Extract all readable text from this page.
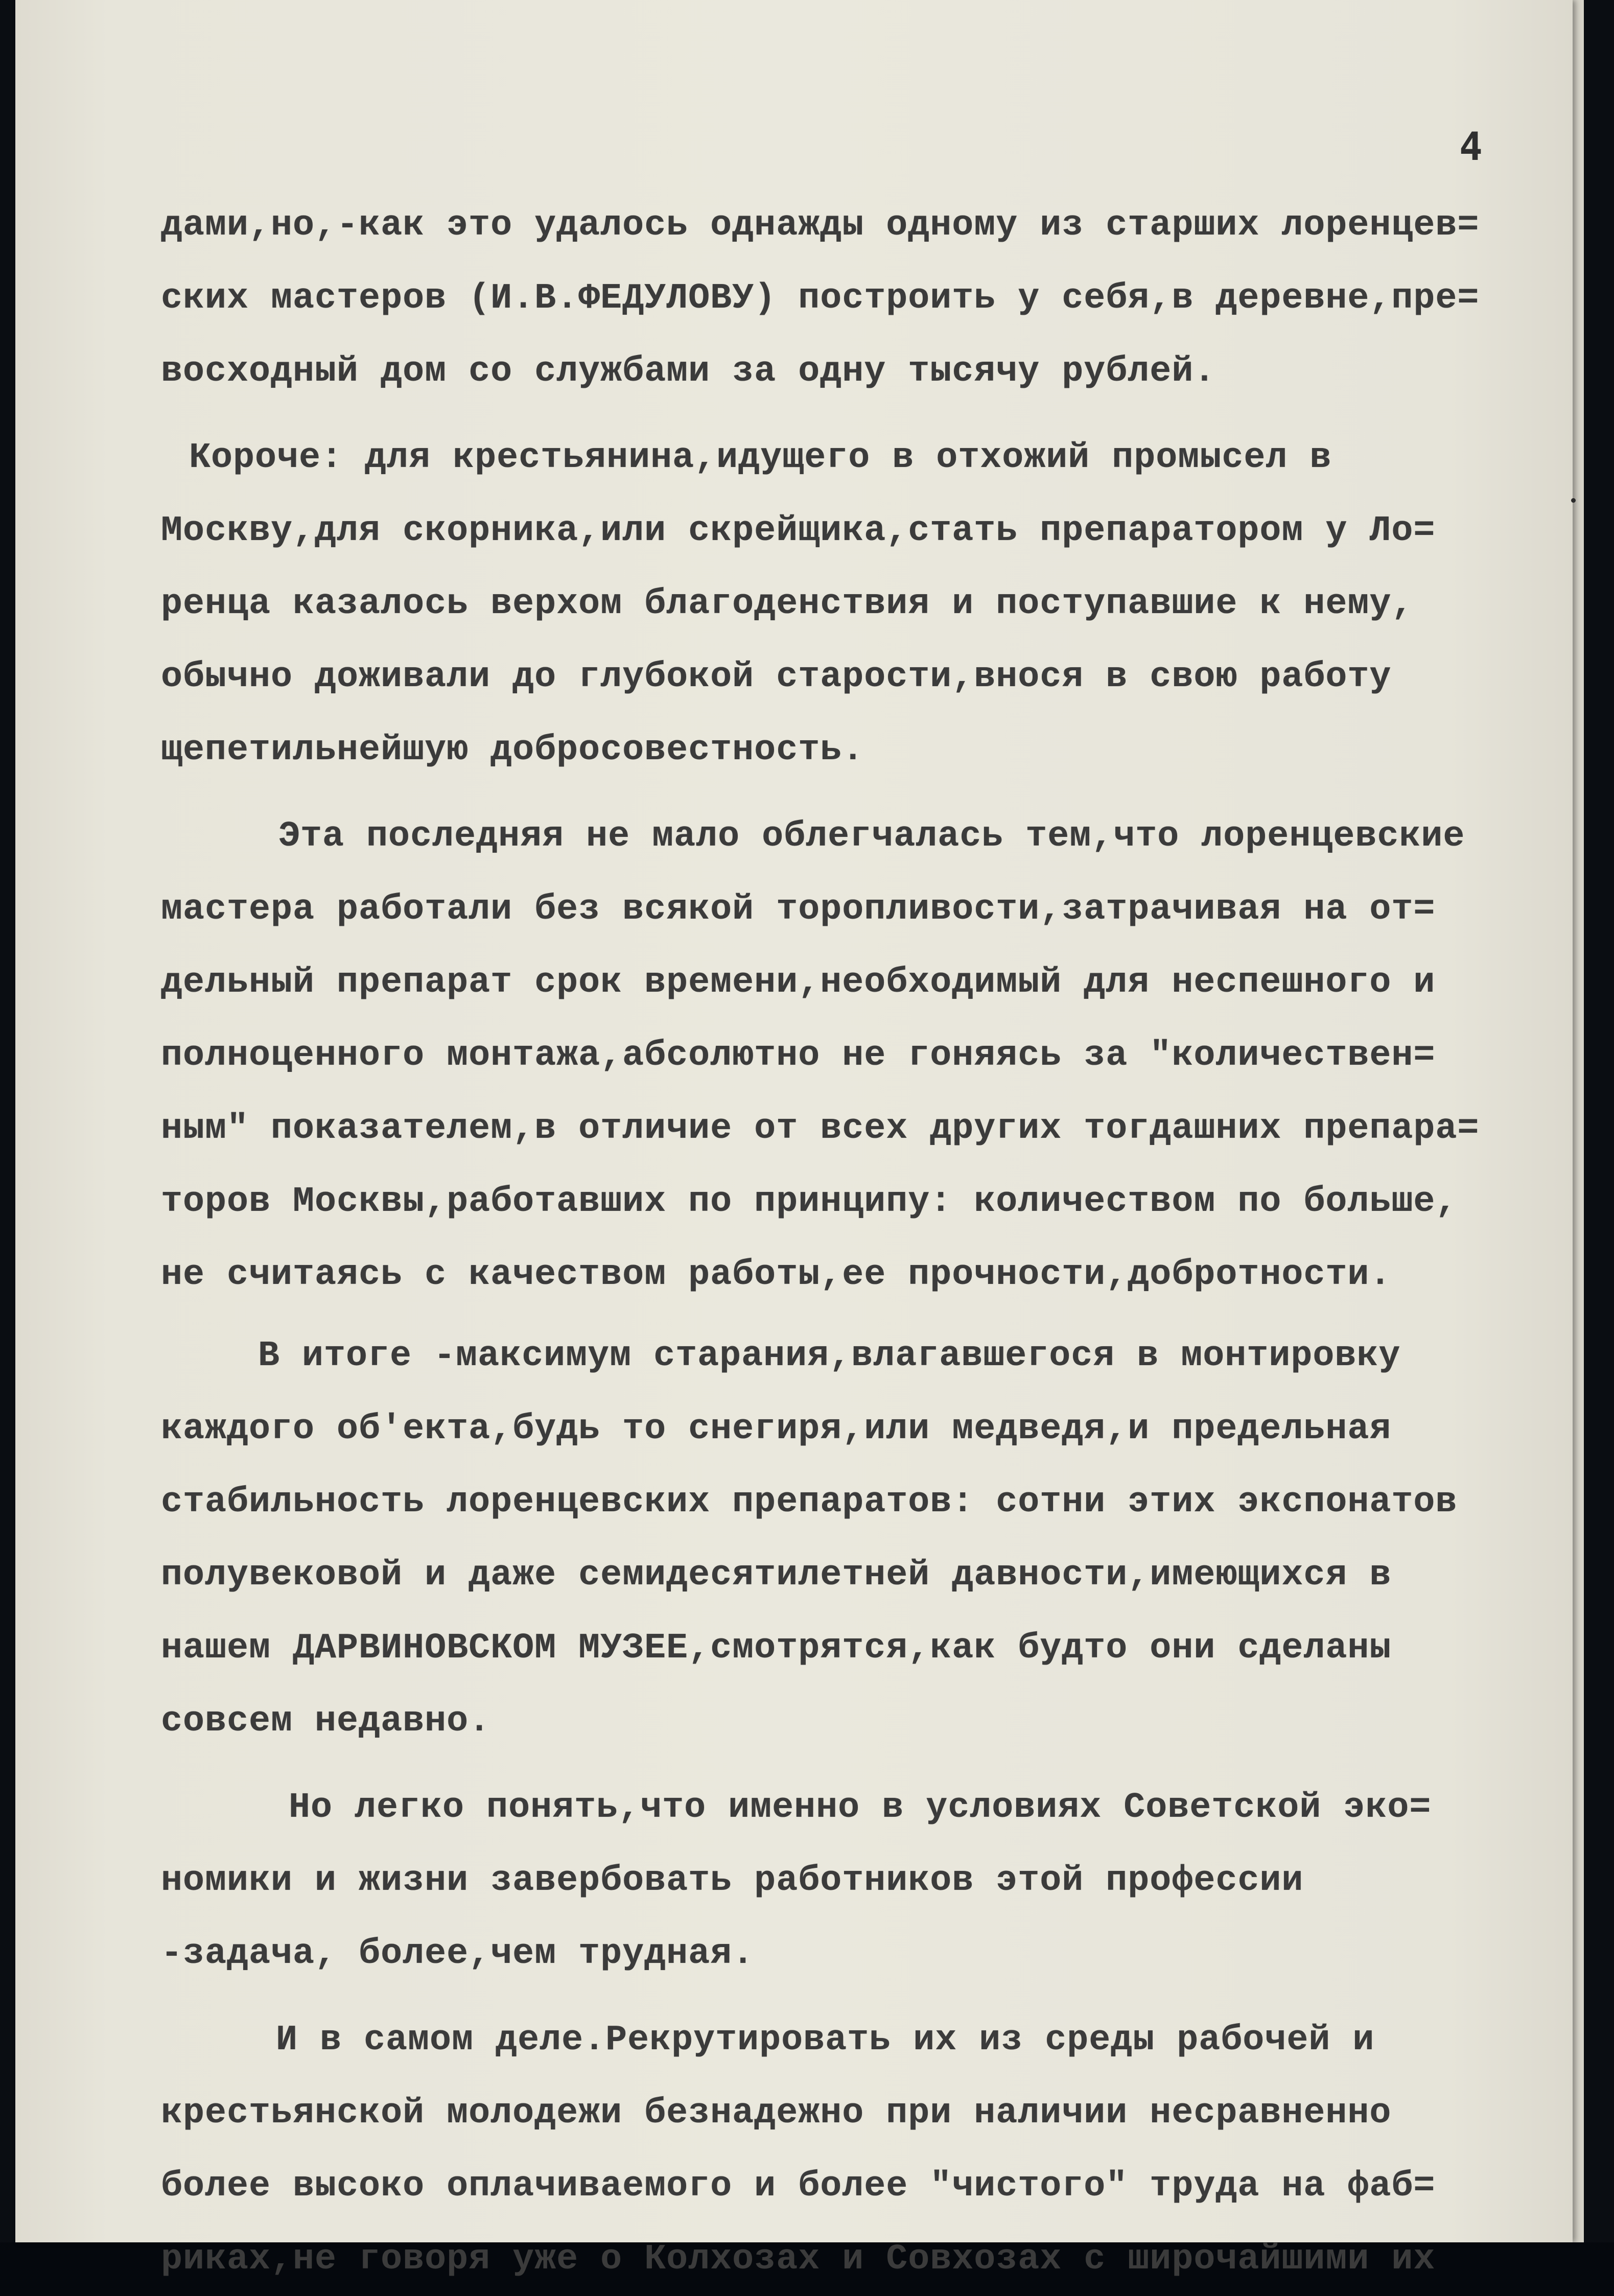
4

дами,но,-как это удалось однажды одному из старших лоренцев= ских мастеров (И.В.ФЕДУЛОВУ) построить у себя,в деревне,пре= восходный дом со службами за одну тысячу рублей.

Короче: для крестьянина,идущего в отхожий промысел в Москву,для скорника,или скрейщика,стать препаратором у Ло= ренца казалось верхом благоденствия и поступавшие к нему, обычно доживали до глубокой старости,внося в свою работу щепетильнейшую добросовестность.

Эта последняя не мало облегчалась тем,что лоренцевские мастера работали без всякой торопливости,затрачивая на от= дельный препарат срок времени,необходимый для неспешного и полноценного монтажа,абсолютно не гоняясь за "количествен= ным" показателем,в отличие от всех других тогдашних препара= торов Москвы,работавших по принципу: количеством по больше, не считаясь с качеством работы,ее прочности,добротности.

В итоге -максимум старания,влагавшегося в монтировку каждого об'екта,будь то снегиря,или медведя,и предельная стабильность лоренцевских препаратов: сотни этих экспонатов полувековой и даже семидесятилетней давности,имеющихся в нашем ДАРВИНОВСКОМ МУЗЕЕ,смотрятся,как будто они сделаны совсем недавно.

Но легко понять,что именно в условиях Советской эко= номики и жизни завербовать работников этой профессии -задача, более,чем трудная.

И в самом деле.Рекрутировать их из среды рабочей и крестьянской молодежи безнадежно при наличии несравненно более высоко оплачиваемого и более "чистого" труда на фаб= риках,не говоря уже о Колхозах и Совхозах с широчайшими их
